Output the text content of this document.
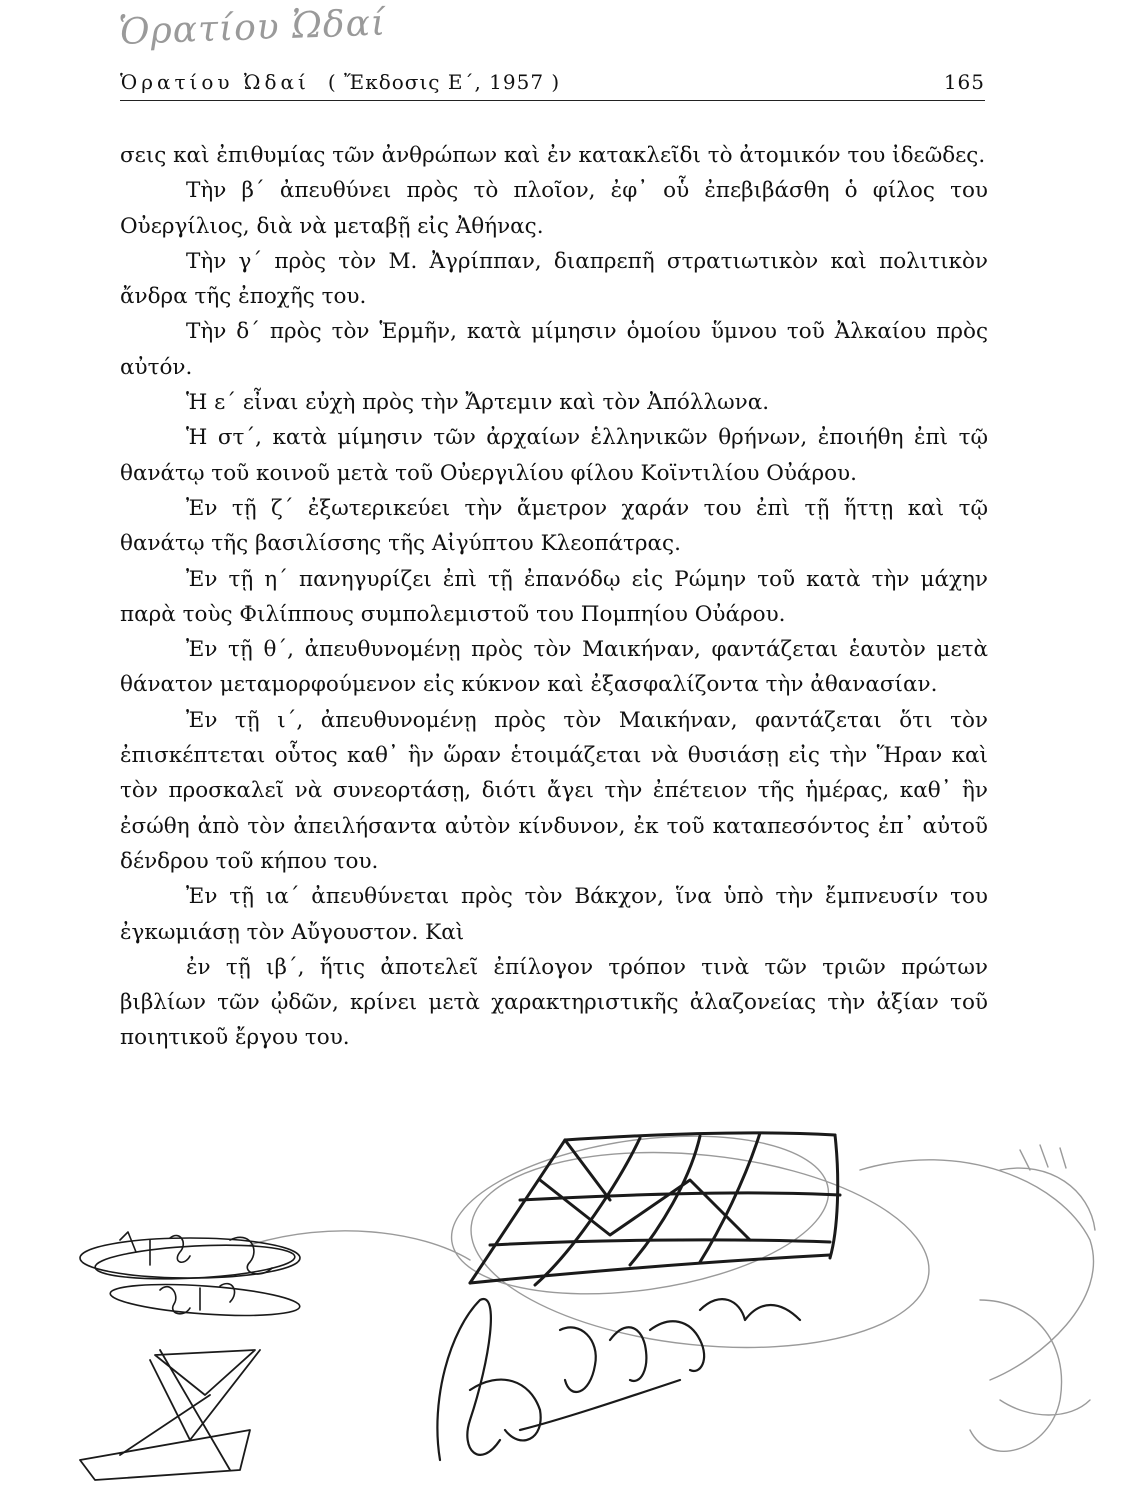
Ὁρατίου Ὠδαί
Ὁρατίου Ὠδαί ( Ἔκδοσις Ε΄, 1957 )	165

σεις καὶ ἐπιθυμίας τῶν ἀνθρώπων καὶ ἐν κατακλεῖδι τὸ ἀτομικόν του ἰδεῶδες.

Τὴν β΄ ἀπευθύνει πρὸς τὸ πλοῖον, ἐφ᾽ οὗ ἐπεβιβάσθη ὁ φίλος του Οὐεργίλιος, διὰ νὰ μεταβῇ εἰς Ἀθήνας.

Τὴν γ΄ πρὸς τὸν Μ. Ἀγρίππαν, διαπρεπῆ στρατιωτικὸν καὶ πολιτικὸν ἄνδρα τῆς ἐποχῆς του.

Τὴν δ΄ πρὸς τὸν Ἑρμῆν, κατὰ μίμησιν ὁμοίου ὕμνου τοῦ Ἀλκαίου πρὸς αὐτόν.

Ἡ ε΄ εἶναι εὐχὴ πρὸς τὴν Ἄρτεμιν καὶ τὸν Ἀπόλλωνα.

Ἡ στ΄, κατὰ μίμησιν τῶν ἀρχαίων ἑλληνικῶν θρήνων, ἐποιήθη ἐπὶ τῷ θανάτῳ τοῦ κοινοῦ μετὰ τοῦ Οὐεργιλίου φίλου Κοϊντιλίου Οὐάρου.

Ἐν τῇ ζ΄ ἐξωτερικεύει τὴν ἄμετρον χαράν του ἐπὶ τῇ ἥττῃ καὶ τῷ θανάτῳ τῆς βασιλίσσης τῆς Αἰγύπτου Κλεοπάτρας.

Ἐν τῇ η΄ πανηγυρίζει ἐπὶ τῇ ἐπανόδῳ εἰς Ρώμην τοῦ κατὰ τὴν μάχην παρὰ τοὺς Φιλίππους συμπολεμιστοῦ του Πομπηίου Οὐάρου.

Ἐν τῇ θ΄, ἀπευθυνομένῃ πρὸς τὸν Μαικήναν, φαντάζεται ἑαυτὸν μετὰ θάνατον μεταμορφούμενον εἰς κύκνον καὶ ἐξασφαλίζοντα τὴν ἀθανασίαν.

Ἐν τῇ ι΄, ἀπευθυνομένῃ πρὸς τὸν Μαικήναν, φαντάζεται ὅτι τὸν ἐπισκέπτεται οὗτος καθ᾽ ἣν ὥραν ἑτοιμάζεται νὰ θυσιάσῃ εἰς τὴν Ἥραν καὶ τὸν προσκαλεῖ νὰ συνεορτάσῃ, διότι ἄγει τὴν ἐπέτειον τῆς ἡμέρας, καθ᾽ ἣν ἐσώθη ἀπὸ τὸν ἀπειλήσαντα αὐτὸν κίνδυνον, ἐκ τοῦ καταπεσόντος ἐπ᾽ αὐτοῦ δένδρου τοῦ κήπου του.

Ἐν τῇ ια΄ ἀπευθύνεται πρὸς τὸν Βάκχον, ἵνα ὑπὸ τὴν ἔμπνευσίν του ἐγκωμιάσῃ τὸν Αὔγουστον. Καὶ

ἐν τῇ ιβ΄, ἥτις ἀποτελεῖ ἐπίλογον τρόπον τινὰ τῶν τριῶν πρώτων βιβλίων τῶν ᾠδῶν, κρίνει μετὰ χαρακτηριστικῆς ἀλαζονείας τὴν ἀξίαν τοῦ ποιητικοῦ ἔργου του.
